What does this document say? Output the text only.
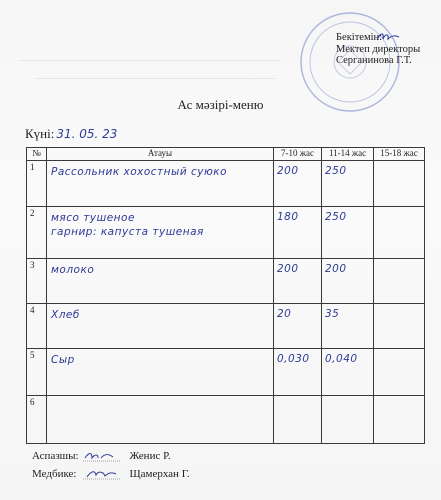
Бекітемін:
Мектеп директоры
Серганинова Г.Т.
Ас мәзірі-меню
Күні: 31. 05. 23
№	Атауы	7-10 жас	11-14 жас	15-18 жас
1	Рассольник хохостный суюко	200	250	
2	мясо тушеное
гарнир: капуста тушеная	180	250	
3	молоко	200	200	
4	Хлеб	20	35	
5	Сыр	0,030	0,040	
6	

Аспазшы:	Женис Р.
Медбике:	Щамерхан Г.
